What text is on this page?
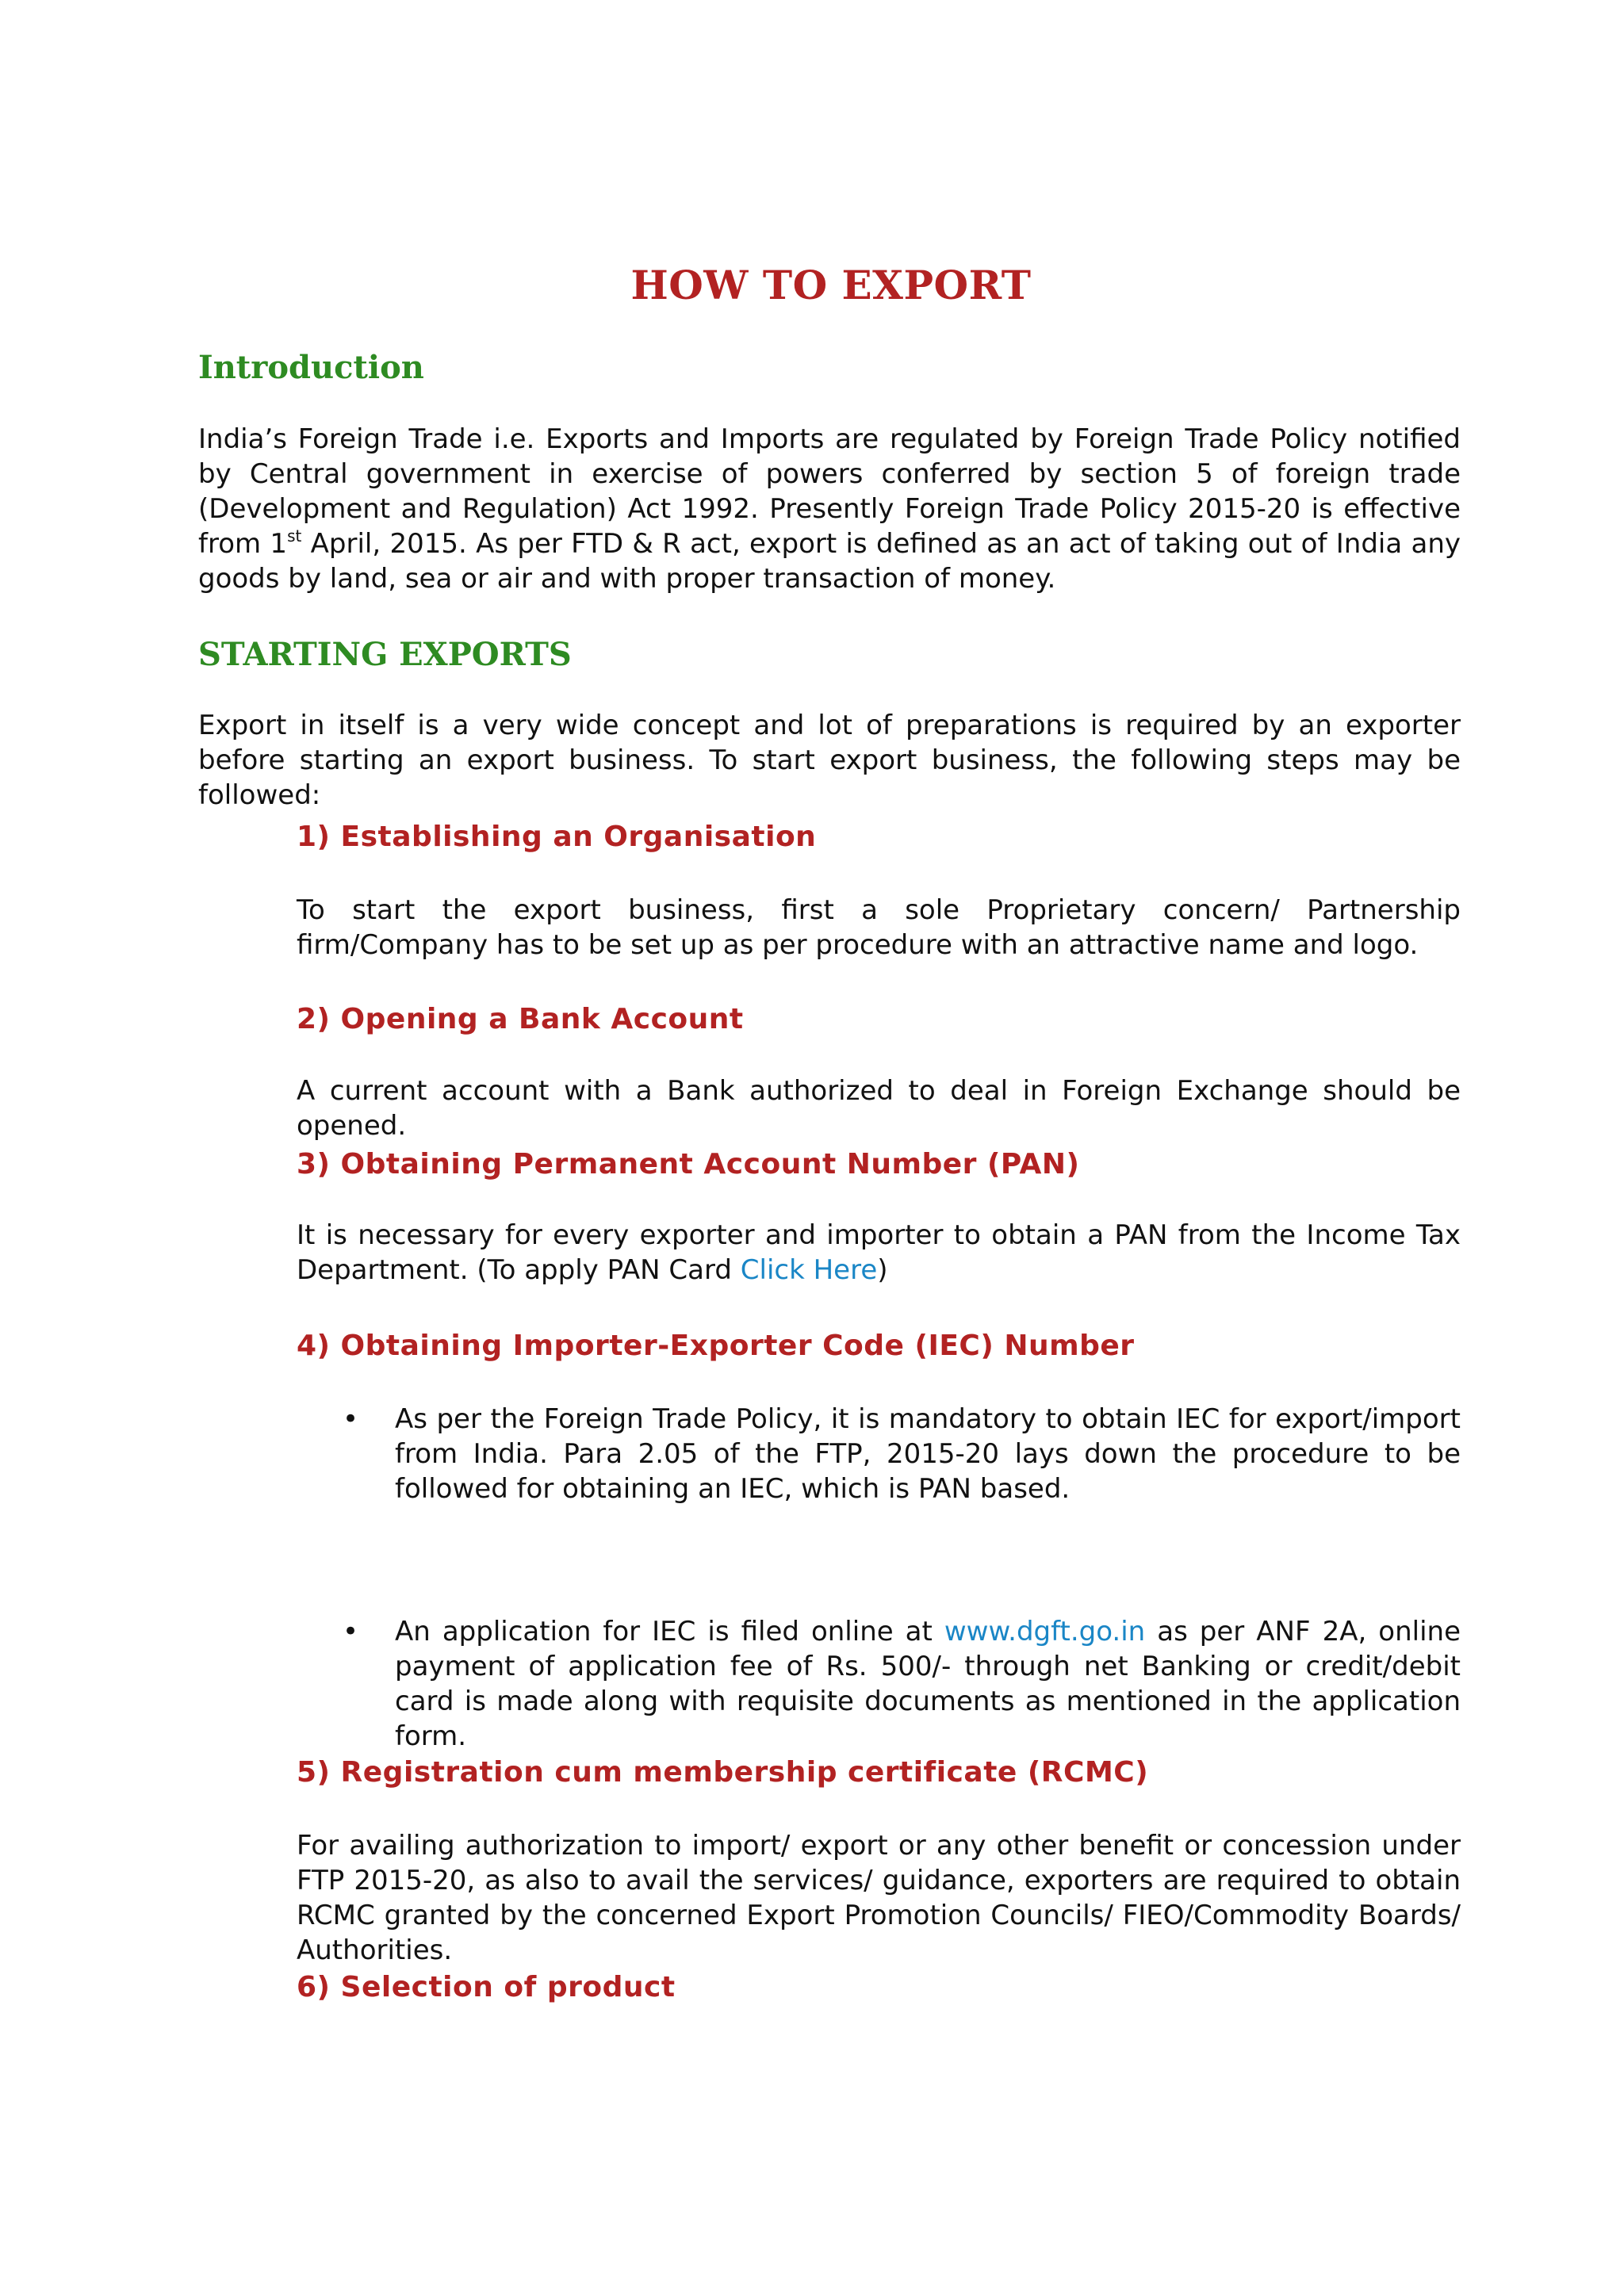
HOW TO EXPORT
Introduction
India’s Foreign Trade i.e. Exports and Imports are regulated by Foreign Trade Policy notified by Central government in exercise of powers conferred by section 5 of foreign trade (Development and Regulation) Act 1992. Presently Foreign Trade Policy 2015-20 is effective from 1st April, 2015. As per FTD & R act, export is defined as an act of taking out of India any goods by land, sea or air and with proper transaction of money.
STARTING EXPORTS
Export in itself is a very wide concept and lot of preparations is required by an exporter before starting an export business. To start export business, the following steps may be followed:
1) Establishing an Organisation
To start the export business, first a sole Proprietary concern/ Partnership firm/Company has to be set up as per procedure with an attractive name and logo.
2) Opening a Bank Account
A current account with a Bank authorized to deal in Foreign Exchange should be opened.
3) Obtaining Permanent Account Number (PAN)
It is necessary for every exporter and importer to obtain a PAN from the Income Tax Department. (To apply PAN Card Click Here)
4) Obtaining Importer-Exporter Code (IEC) Number
• As per the Foreign Trade Policy, it is mandatory to obtain IEC for export/import from India. Para 2.05 of the FTP, 2015-20 lays down the procedure to be followed for obtaining an IEC, which is PAN based.
• An application for IEC is filed online at www.dgft.go.in as per ANF 2A, online payment of application fee of Rs. 500/- through net Banking or credit/debit card is made along with requisite documents as mentioned in the application form.
5) Registration cum membership certificate (RCMC)
For availing authorization to import/ export or any other benefit or concession under FTP 2015-20, as also to avail the services/ guidance, exporters are required to obtain RCMC granted by the concerned Export Promotion Councils/ FIEO/Commodity Boards/ Authorities.
6) Selection of product
